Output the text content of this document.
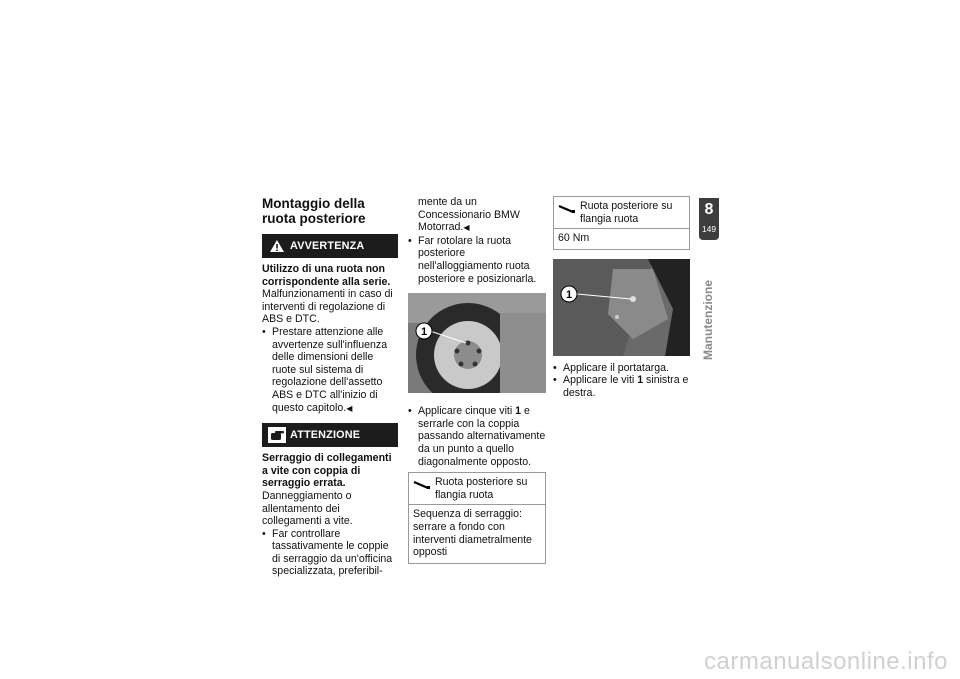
Montaggio della ruota posteriore
AVVERTENZA

Utilizzo di una ruota non corrispondente alla serie.

Malfunzionamenti in caso di interventi di regolazione di ABS e DTC.

• Prestare attenzione alle avvertenze sull'influenza delle dimensioni delle ruote sul sistema di regolazione dell'assetto ABS e DTC all'inizio di questo capitolo.◀
ATTENZIONE

Serraggio di collegamenti a vite con coppia di serraggio errata.

Danneggiamento o allentamento dei collegamenti a vite.

• Far controllare tassativamente le coppie di serraggio da un'officina specializzata, preferibil-

mente da un Concessionario BMW Motorrad.◀

• Far rotolare la ruota posteriore nell'alloggiamento ruota posteriore e posizionarla.
1
• Applicare cinque viti 1 e serrarle con la coppia passando alternativamente da un punto a quello diagonalmente opposto.
Ruota posteriore su flangia ruota
Sequenza di serraggio: serrare a fondo con interventi diametralmente opposti
Ruota posteriore su flangia ruota
60 Nm
1
• Applicare il portatarga.
• Applicare le viti 1 sinistra e destra.
8
149
Manutenzione
carmanualsonline.info
